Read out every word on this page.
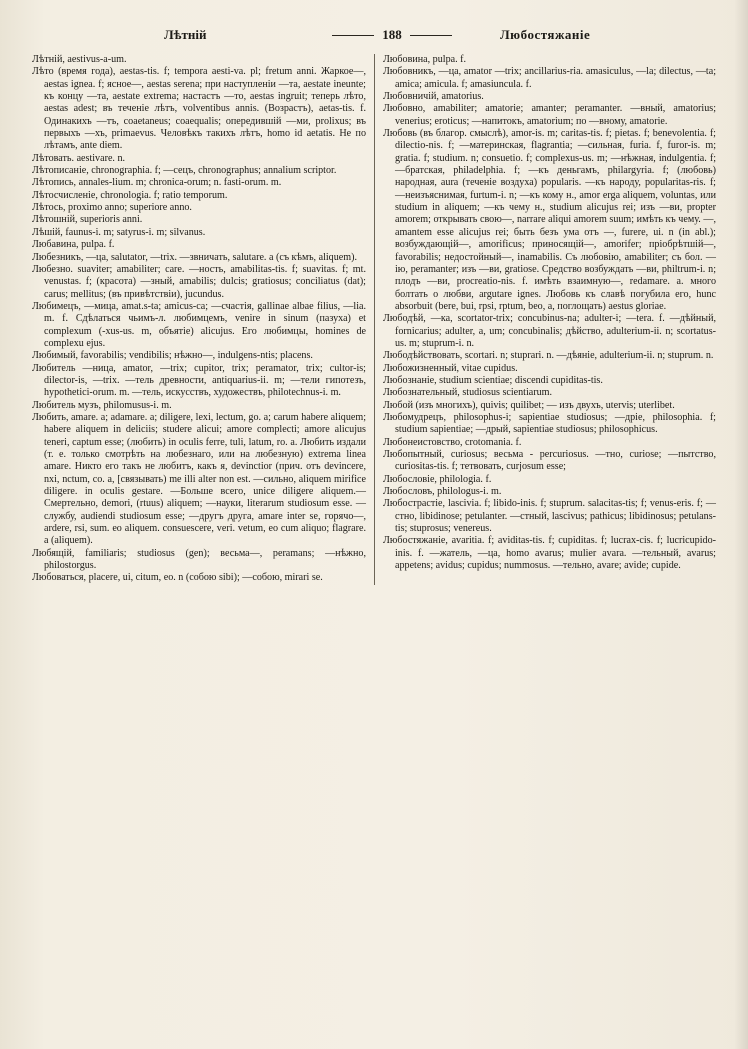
Лѣтній	188	Любостяжаніе
Лѣтній, aestivus-a-um.
Лѣто (время года), aestas-tis. f; tempora aesti-va. pl; fretum anni. Жаркое—, aestas ignea. f; ясное—, aestas serena; при наступленіи —та, aestate ineunte; къ концу —та, aestate extrema; настастъ —то, aestas ingruit; теперь лѣто, aestas adest; въ теченіе лѣтъ, volventibus annis. (Возрастъ), aetas-tis. f. Одинакихъ —тъ, coaetaneus; coaequalis; опередившій —ми, prolixus; въ первыхъ —хъ, primaevus. Человѣкъ такихъ лѣтъ, homo id aetatis. Не по лѣтамъ, ante diem.
Лѣтовать. aestivare. n.
Лѣтописаніе, chronographia. f; —сецъ, chronographus; annalium scriptor.
Лѣтопись, annales-lium. m; chronica-orum; n. fasti-orum. m.
Лѣтосчисленіе, chronologia. f; ratio temporum.
Лѣтось, proximo anno; superiore anno.
Лѣтошній, superioris anni.
Лѣшій, faunus-i. m; satyrus-i. m; silvanus.
Любавина, pulpa. f.
Любезникъ, —ца, salutator, —trix. —звничать, salutare. a (съ кѣмъ, aliquem).
Любезно. suaviter; amabiliter; care. —ность, amabilitas-tis. f; suavitas. f; mt. venustas. f; (красота) —зный, amabilis; dulcis; gratiosus; conciliatus (dat); carus; mellitus; (въ привѣтствіи), jucundus.
Любимецъ, —мица, amat.s-ta; amicus-ca; —счастія, gallinae albae filius, —lia. m. f. Сдѣлаться чьимъ-л. любимцемъ, venire in sinum (пазуха) et complexum (-xus-us. m, объятіе) alicujus. Его любимцы, homines de complexu ejus.
Любимый, favorabilis; vendibilis; нѣжно—, indulgens-ntis; placens.
Любитель —ница, amator, —trix; cupitor, trix; peramator, trix; cultor-is; dilector-is, —trix. —тель древности, antiquarius-ii. m; —тели гипотезъ, hypothetici-orum. m. —тель, искусствъ, художествъ, philotechnus-i. m.
Любитель музъ, philomusus-i. m.
Любить, amare. a; adamare. a; diligere, lexi, lectum, go. a; carum habere aliquem; habere aliquem in deliciis; studere alicui; amore complecti; amore alicujus teneri, captum esse; (любить) in oculis ferre, tuli, latum, ro. a. Любить издали (т. е. только смотрѣть на любезнаго, или на любезную) extrema linea amare. Никто его такъ не любитъ, какъ я, devinctior (прич. отъ devincere, nxi, nctum, co. a, [связывать) me illi alter non est. —сильно, aliquem mirifice diligere. in oculis gestare. —Больше всего, unice diligere aliquem.—Смертельно, demori, (rtuus) aliquem; —науки, literarum studiosum esse. —службу, audiendi studiosum esse; —другъ друга, amare inter se, горячо—, ardere, rsi, sum. eo aliquem. consuescere, veri. vetum, eo cum aliquo; flagrare. a (aliquem).
Любящій, familiaris; studiosus (gen); весьма—, peramans; —нѣжно, philostorgus.
Любоваться, placere, ui, citum, eo. n (собою sibi); —собою, mirari se.
Любовина, pulpa. f.
Любовникъ, —ца, amator —trix; ancillarius-ria. amasiculus, —la; dilectus, —ta; amica; amicula. f; amasiuncula. f.
Любовничій, amatorius.
Любовно, amabiliter; amatorie; amanter; peramanter. —вный, amatorius; venerius; eroticus; —напитокъ, amatorium; по —вному, amatorie.
Любовь (въ благор. смыслѣ), amor-is. m; caritas-tis. f; pietas. f; benevolentia. f; dilectio-nis. f; —материнская, flagrantia; —сильная, furia. f, furor-is. m; gratia. f; studium. n; consuetio. f; complexus-us. m; —нѣжная, indulgentia. f; —братская, philadelphia. f; —къ деньгамъ, philargyria. f; (любовь) народная, aura (теченіе воздуха) popularis. —къ народу, popularitas-ris. f; —неизъяснимая, furtum-i. n; —къ кому н., amor erga aliquem, voluntas, или studium in aliquem; —къ чему н., studium alicujus rei; изъ —ви, propter amorem; открывать свою—, narrare aliqui amorem suum; имѣть къ чему. —, amantem esse alicujus rei; быть безъ ума отъ —, furere, ui. n (in abl.); возбуждающій—, amorificus; приносящій—, amorifer; пріобрѣтшій—, favorabilis; недостойный—, inamabilis. Съ любовію, amabiliter; съ бол. —ію, peramanter; изъ —ви, gratiose. Средство возбуждать —ви, philtrum-i. n; плодъ —ви, procreatio-nis. f. имѣть взаимную—, redamare. a. много болтать о любви, argutare ignes. Любовь къ славѣ погубила его, hunc absorbuit (bere, bui, rpsi, rptum, beo, a, поглощать) aestus gloriae.
Любодѣй, —ка, scortator-trix; concubinus-na; adulter-i; —tera. f. —дѣйный, fornicarius; adulter, a, um; concubinalis; дѣйство, adulterium-ii. n; scortatus-us. m; stuprum-i. n.
Любодѣйствовать, scortari. n; stuprari. n. —дѣяніе, adulterium-ii. n; stuprum. n.
Любожизненный, vitae cupidus.
Любознаніе, studium scientiae; discendi cupiditas-tis.
Любознательный, studiosus scientiarum.
Любой (изъ многихъ), quivis; quilibet; — изъ двухъ, utervis; uterlibet.
Любомудрецъ, philosophus-i; sapientiae studiosus; —дріе, philosophia. f; studium sapientiae; —дрый, sapientiae studiosus; philosophicus.
Любонеистовство, crotomania. f.
Любопытный, curiosus; весьма - percuriosus. —тно, curiose; —пытство, curiositas-tis. f; тетвовать, curjosum esse;
Любословіе, philologia. f.
Любословъ, philologus-i. m.
Любострастіе, lascivia. f; libido-inis. f; stuprum. salacitas-tis; f; venus-eris. f; —стно, libidinose; petulanter. —стный, lascivus; pathicus; libidinosus; petulans-tis; stuprosus; venereus.
Любостяжаніе, avaritia. f; aviditas-tis. f; cupiditas. f; lucrax-cis. f; lucricupido-inis. f. —жатель, —ца, homo avarus; mulier avara. —тельный, avarus; appetens; avidus; cupidus; nummosus. —тельно, avare; avide; cupide.
